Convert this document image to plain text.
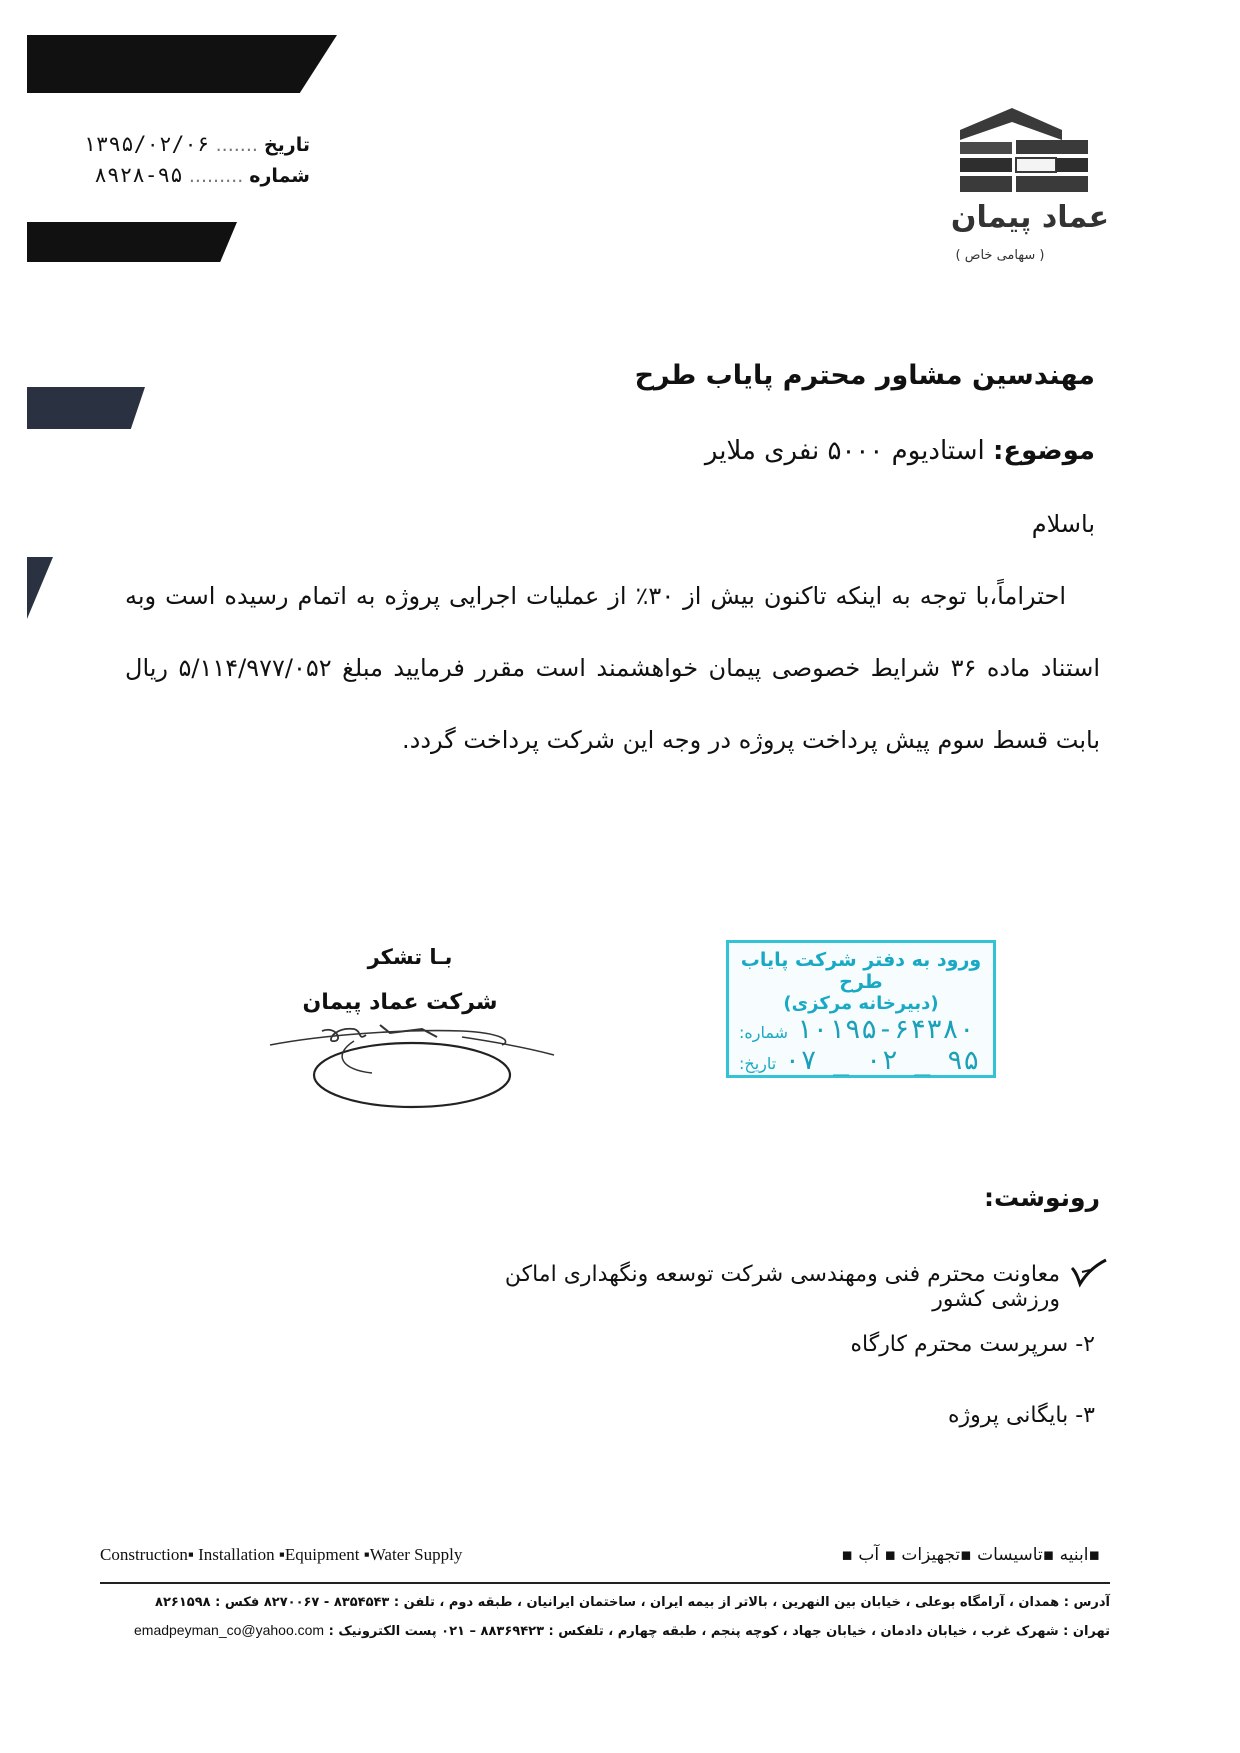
تاریخ ....... ۱۳۹۵/۰۲/۰۶
شماره ......... ۹۵-۸۹۲۸
عماد پیمان
( سهامی خاص )
مهندسین مشاور محترم پایاب طرح
موضوع: استادیوم ۵۰۰۰ نفری ملایر
باسلام
احتراماً،با توجه به اینکه تاکنون بیش از ۳۰٪ از عملیات اجرایی پروژه به اتمام رسیده است وبه استناد ماده ۳۶ شرایط خصوصی پیمان خواهشمند است مقرر فرمایید مبلغ ۵/۱۱۴/۹۷۷/۰۵۲ ریال بابت قسط سوم پیش پرداخت پروژه در وجه این شرکت پرداخت گردد.
بـا تشکر
شرکت عماد پیمان
ورود به دفتر شرکت پایاب طرح
(دبیرخانه مرکزی)
شماره: ۱۰۱۹۵-۶۴۳۸۰
تاریخ: ۹۵ _ ۰۲ _ ۰۷
رونوشت:
معاونت محترم فنی ومهندسی شرکت توسعه ونگهداری اماکن ورزشی کشور
۲- سرپرست محترم کارگاه
۳- بایگانی پروژه
Construction▪ Installation ▪Equipment ▪Water Supply	▪ابنیه ▪تاسیسات ▪تجهیزات ▪ آب ▪
آدرس : همدان ، آرامگاه بوعلی ، خیابان بین النهرین ، بالاتر از بیمه ایران ، ساختمان ایرانیان ، طبقه دوم ، تلفن : ۸۳۵۴۵۴۳ - ۸۲۷۰۰۶۷ فکس : ۸۲۶۱۵۹۸
تهران : شهرک غرب ، خیابان دادمان ، خیابان جهاد ، کوچه پنجم ، طبقه چهارم ، تلفکس : ۸۸۳۶۹۴۲۳ – ۰۲۱ پست الکترونیک : emadpeyman_co@yahoo.com
